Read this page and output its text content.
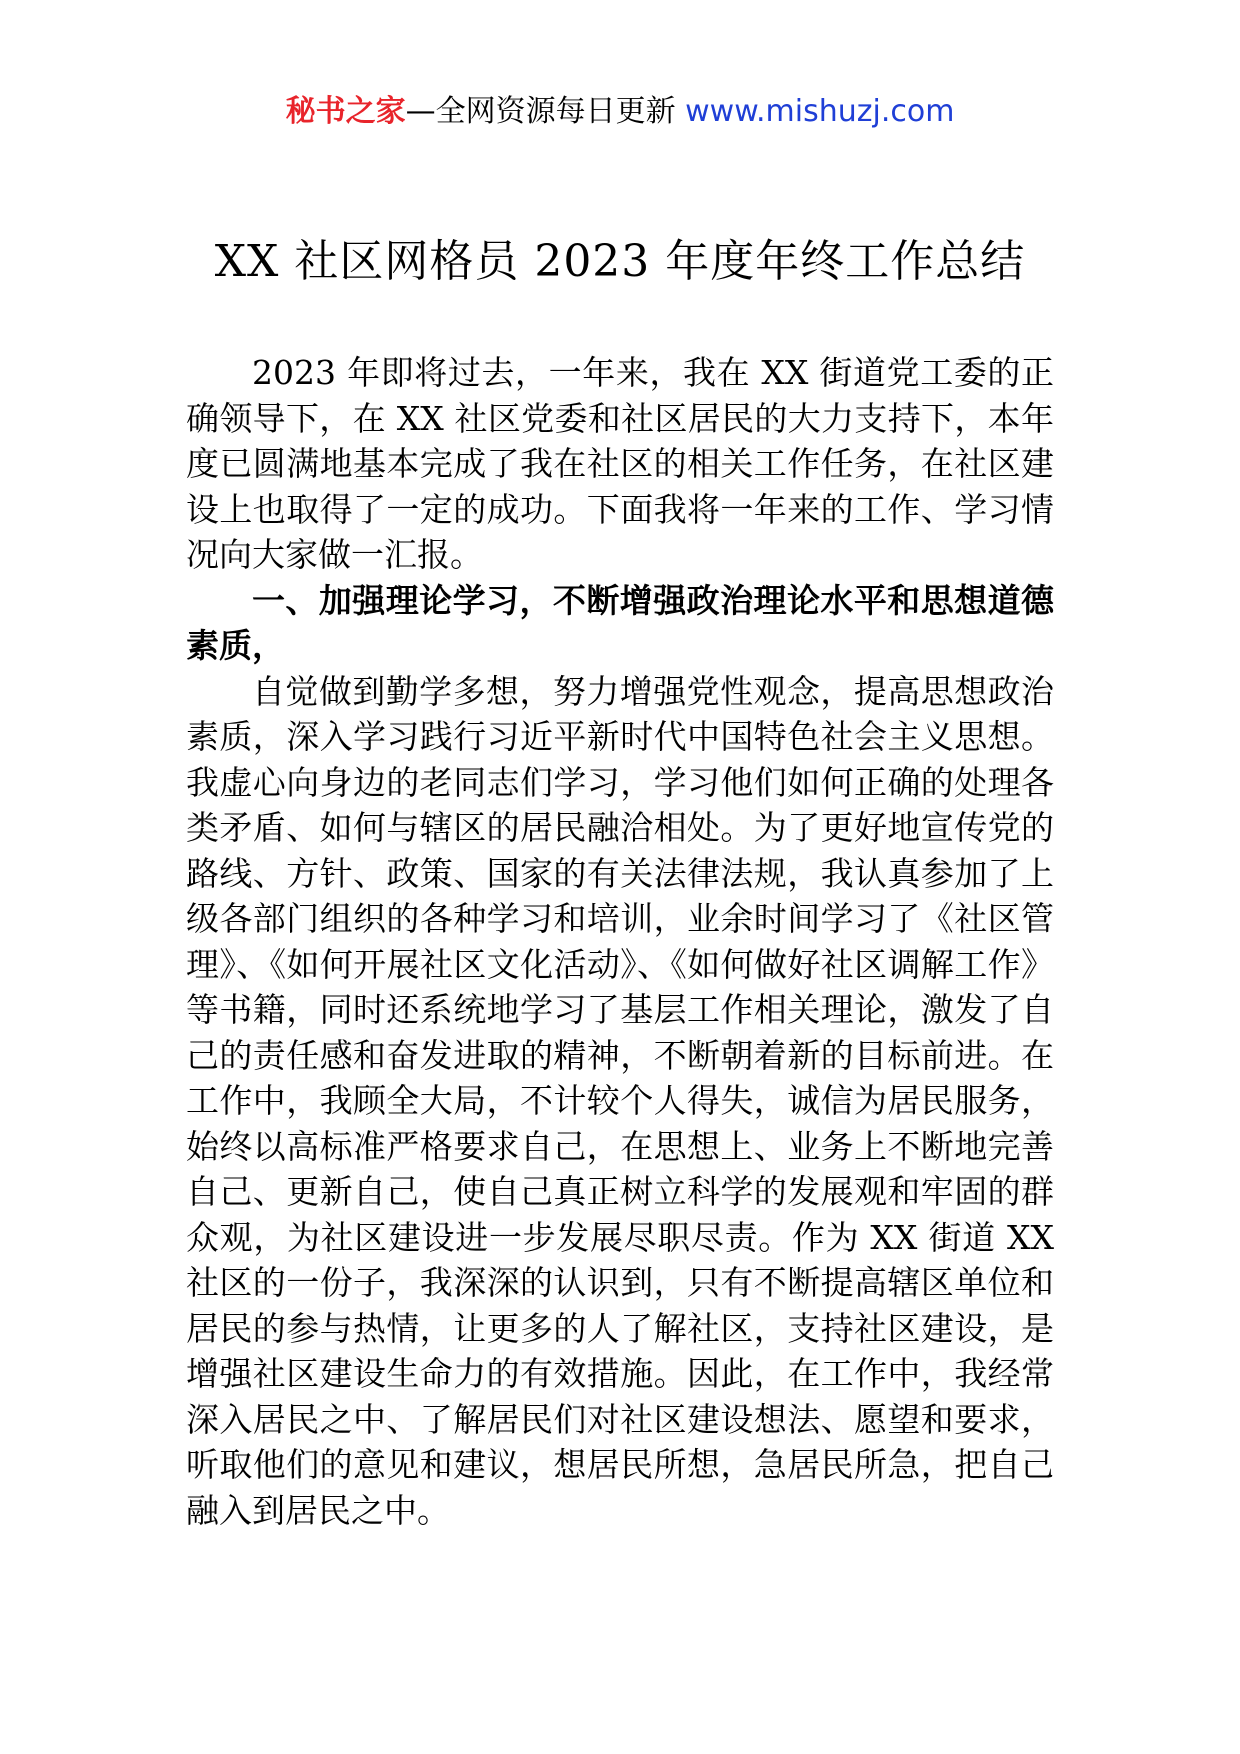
秘书之家—全网资源每日更新 www.mishuzj.com
XX 社区网格员 2023 年度年终工作总结

2023 年即将过去，一年来，我在 XX 街道党工委的正确领导下，在 XX 社区党委和社区居民的大力支持下，本年度已圆满地基本完成了我在社区的相关工作任务，在社区建设上也取得了一定的成功。下面我将一年来的工作、学习情况向大家做一汇报。

一、加强理论学习，不断增强政治理论水平和思想道德素质，

自觉做到勤学多想，努力增强党性观念，提高思想政治素质，深入学习践行习近平新时代中国特色社会主义思想。我虚心向身边的老同志们学习，学习他们如何正确的处理各类矛盾、如何与辖区的居民融洽相处。为了更好地宣传党的路线、方针、政策、国家的有关法律法规，我认真参加了上级各部门组织的各种学习和培训，业余时间学习了《社区管理》、《如何开展社区文化活动》、《如何做好社区调解工作》等书籍，同时还系统地学习了基层工作相关理论，激发了自己的责任感和奋发进取的精神，不断朝着新的目标前进。在工作中，我顾全大局，不计较个人得失，诚信为居民服务，始终以高标准严格要求自己，在思想上、业务上不断地完善自己、更新自己，使自己真正树立科学的发展观和牢固的群众观，为社区建设进一步发展尽职尽责。作为 XX 街道 XX 社区的一份子，我深深的认识到，只有不断提高辖区单位和居民的参与热情，让更多的人了解社区，支持社区建设，是增强社区建设生命力的有效措施。因此，在工作中，我经常深入居民之中、了解居民们对社区建设想法、愿望和要求，听取他们的意见和建议，想居民所想，急居民所急，把自己融入到居民之中。
